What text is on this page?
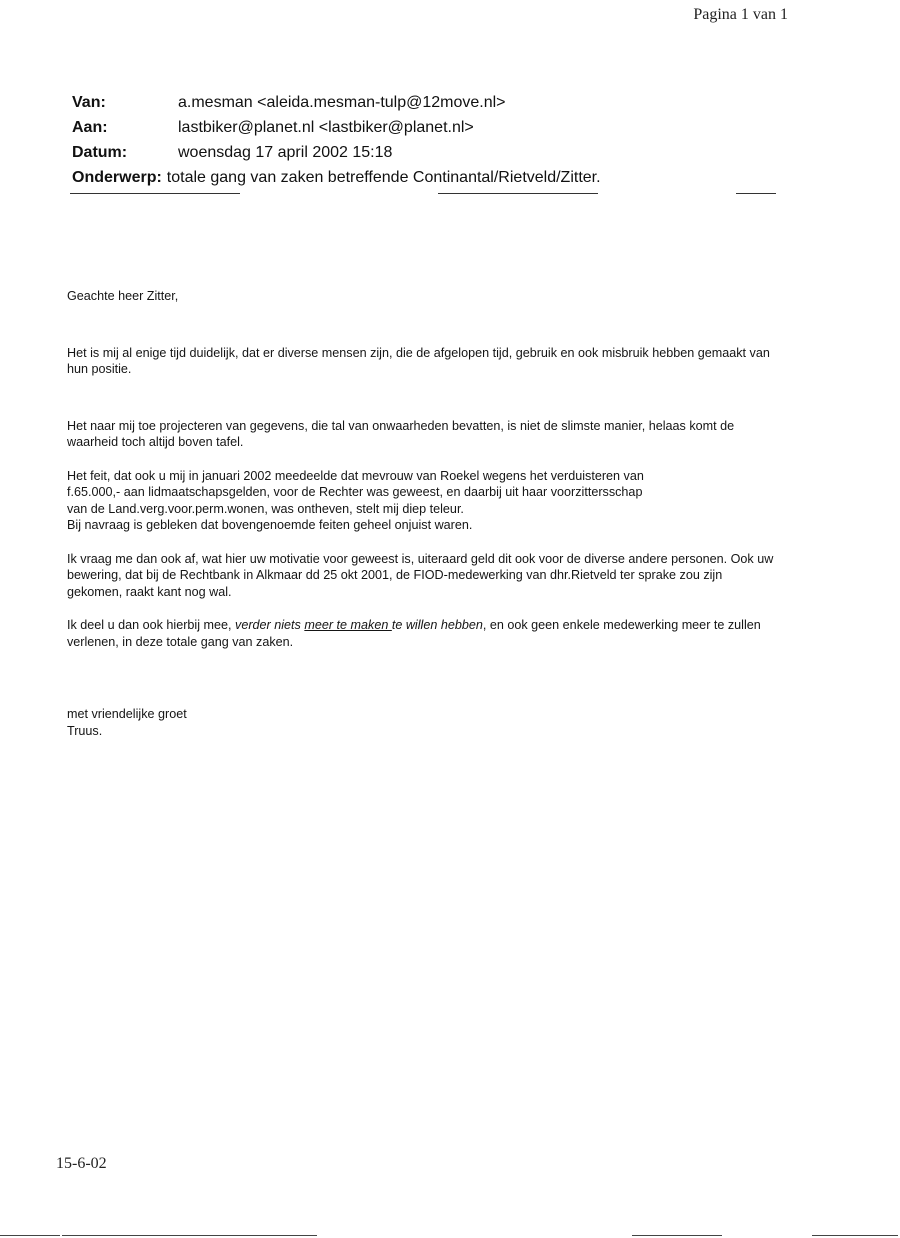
Pagina 1 van 1
Van:	a.mesman <aleida.mesman-tulp@12move.nl>
Aan:	lastbiker@planet.nl <lastbiker@planet.nl>
Datum:	woensdag 17 april 2002 15:18
Onderwerp: totale gang van zaken betreffende Continantal/Rietveld/Zitter.

Geachte heer Zitter,

Het is mij al enige tijd duidelijk, dat er diverse mensen zijn, die de afgelopen tijd, gebruik en ook misbruik hebben gemaakt van hun positie.

Het naar mij toe projecteren van gegevens, die tal van onwaarheden bevatten, is niet de slimste manier, helaas komt de waarheid toch altijd boven tafel.

Het feit, dat ook u mij in januari 2002 meedeelde dat mevrouw van Roekel wegens het verduisteren van
f.65.000,- aan lidmaatschapsgelden, voor de Rechter was geweest, en daarbij uit haar voorzittersschap
van de Land.verg.voor.perm.wonen, was ontheven, stelt mij diep teleur.
Bij navraag is gebleken dat bovengenoemde feiten geheel onjuist waren.

Ik vraag me dan ook af, wat hier uw motivatie voor geweest is, uiteraard geld dit ook voor de diverse andere personen. Ook uw bewering, dat bij de Rechtbank in Alkmaar dd 25 okt 2001, de FIOD-medewerking van dhr.Rietveld ter sprake zou zijn gekomen, raakt kant nog wal.

Ik deel u dan ook hierbij mee, verder niets meer te maken te willen hebben, en ook geen enkele medewerking meer te zullen verlenen, in deze totale gang van zaken.

met vriendelijke groet

Truus.

15-6-02
